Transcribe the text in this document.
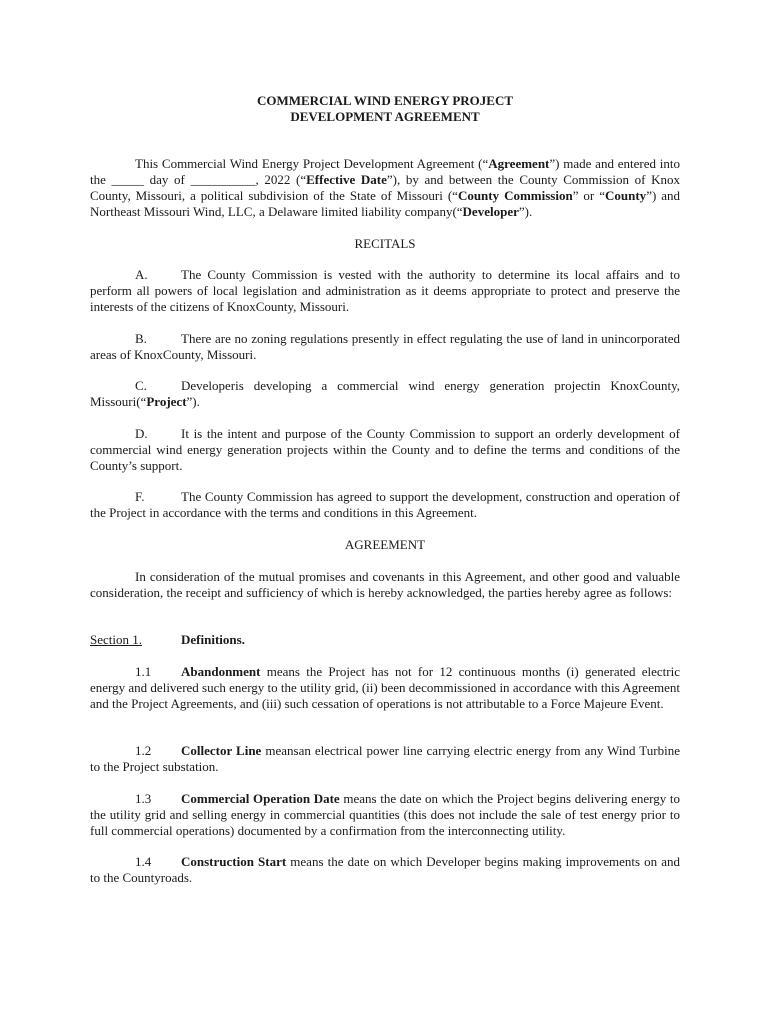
COMMERCIAL WIND ENERGY PROJECT
DEVELOPMENT AGREEMENT
This Commercial Wind Energy Project Development Agreement (“Agreement”) made and entered into the _____ day of __________, 2022 (“Effective Date”), by and between the County Commission of Knox County, Missouri, a political subdivision of the State of Missouri (“County Commission” or “County”) and Northeast Missouri Wind, LLC, a Delaware limited liability company(“Developer”).
RECITALS
A.	The County Commission is vested with the authority to determine its local affairs and to perform all powers of local legislation and administration as it deems appropriate to protect and preserve the interests of the citizens of KnoxCounty, Missouri.
B.	There are no zoning regulations presently in effect regulating the use of land in unincorporated areas of KnoxCounty, Missouri.
C.	Developeris developing a commercial wind energy generation projectin KnoxCounty, Missouri(“Project”).
D.	It is the intent and purpose of the County Commission to support an orderly development of commercial wind energy generation projects within the County and to define the terms and conditions of the County’s support.
F.	The County Commission has agreed to support the development, construction and operation of the Project in accordance with the terms and conditions in this Agreement.
AGREEMENT
In consideration of the mutual promises and covenants in this Agreement, and other good and valuable consideration, the receipt and sufficiency of which is hereby acknowledged, the parties hereby agree as follows:
Section 1.	Definitions.
1.1 Abandonment means the Project has not for 12 continuous months (i) generated electric energy and delivered such energy to the utility grid, (ii) been decommissioned in accordance with this Agreement and the Project Agreements, and (iii) such cessation of operations is not attributable to a Force Majeure Event.
1.2 Collector Line meansan electrical power line carrying electric energy from any Wind Turbine to the Project substation.
1.3 Commercial Operation Date means the date on which the Project begins delivering energy to the utility grid and selling energy in commercial quantities (this does not include the sale of test energy prior to full commercial operations) documented by a confirmation from the interconnecting utility.
1.4 Construction Start means the date on which Developer begins making improvements on and to the Countyroads.
